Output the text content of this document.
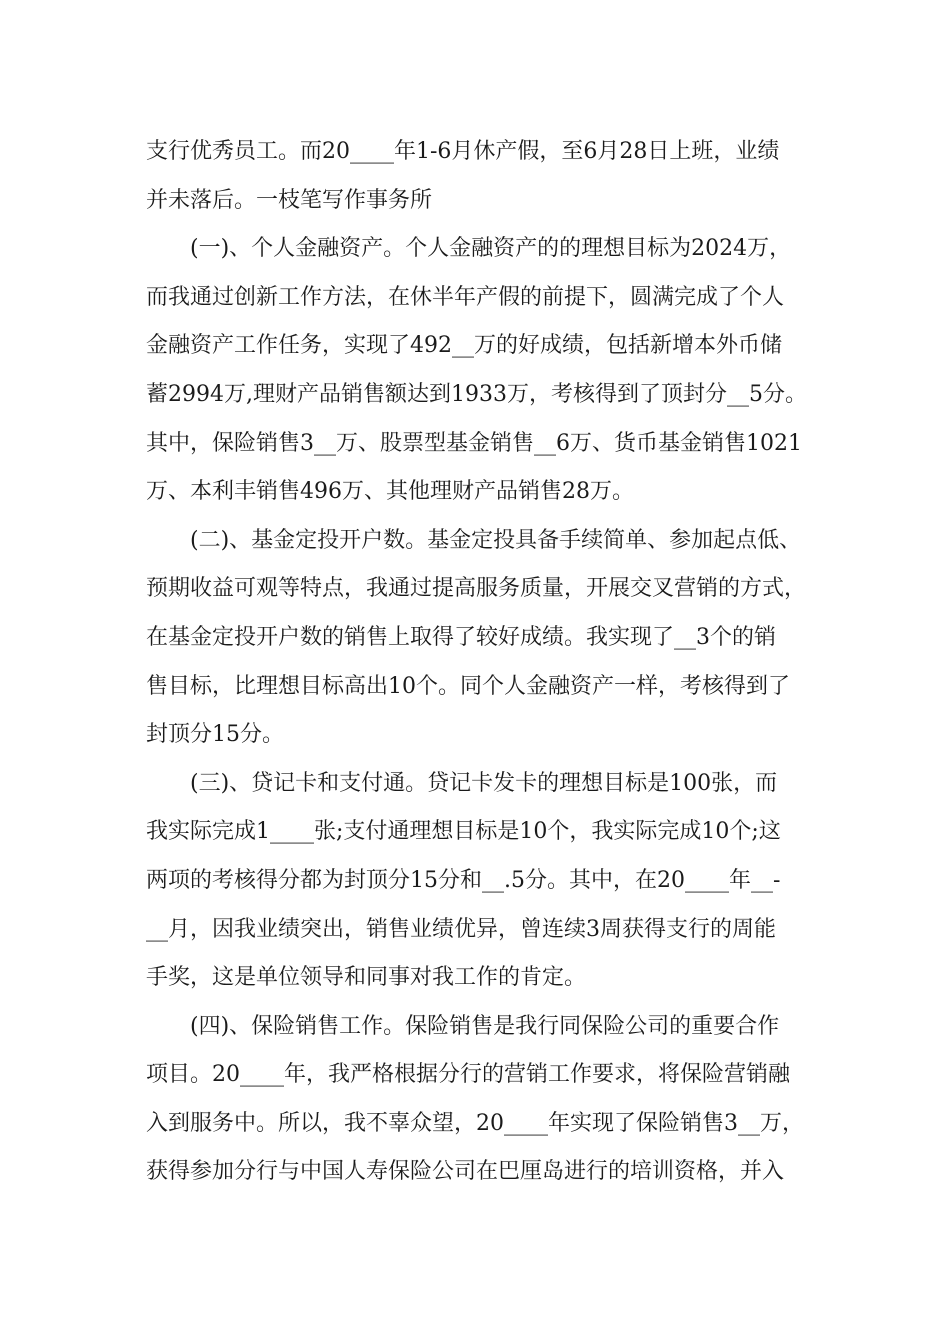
支行优秀员工。而20____年1-6月休产假，至6月28日上班，业绩
并未落后。一枝笔写作事务所
(一)、个人金融资产。个人金融资产的的理想目标为2024万，
而我通过创新工作方法，在休半年产假的前提下，圆满完成了个人
金融资产工作任务，实现了492__万的好成绩，包括新增本外币储
蓄2994万,理财产品销售额达到1933万，考核得到了顶封分__5分。
其中，保险销售3__万、股票型基金销售__6万、货币基金销售1021
万、本利丰销售496万、其他理财产品销售28万。
(二)、基金定投开户数。基金定投具备手续简单、参加起点低、
预期收益可观等特点，我通过提高服务质量，开展交叉营销的方式，
在基金定投开户数的销售上取得了较好成绩。我实现了__3个的销
售目标，比理想目标高出10个。同个人金融资产一样，考核得到了
封顶分15分。
(三)、贷记卡和支付通。贷记卡发卡的理想目标是100张，而
我实际完成1____张;支付通理想目标是10个，我实际完成10个;这
两项的考核得分都为封顶分15分和__.5分。其中，在20____年__-
__月，因我业绩突出，销售业绩优异，曾连续3周获得支行的周能
手奖，这是单位领导和同事对我工作的肯定。
(四)、保险销售工作。保险销售是我行同保险公司的重要合作
项目。20____年，我严格根据分行的营销工作要求，将保险营销融
入到服务中。所以，我不辜众望，20____年实现了保险销售3__万，
获得参加分行与中国人寿保险公司在巴厘岛进行的培训资格，并入
